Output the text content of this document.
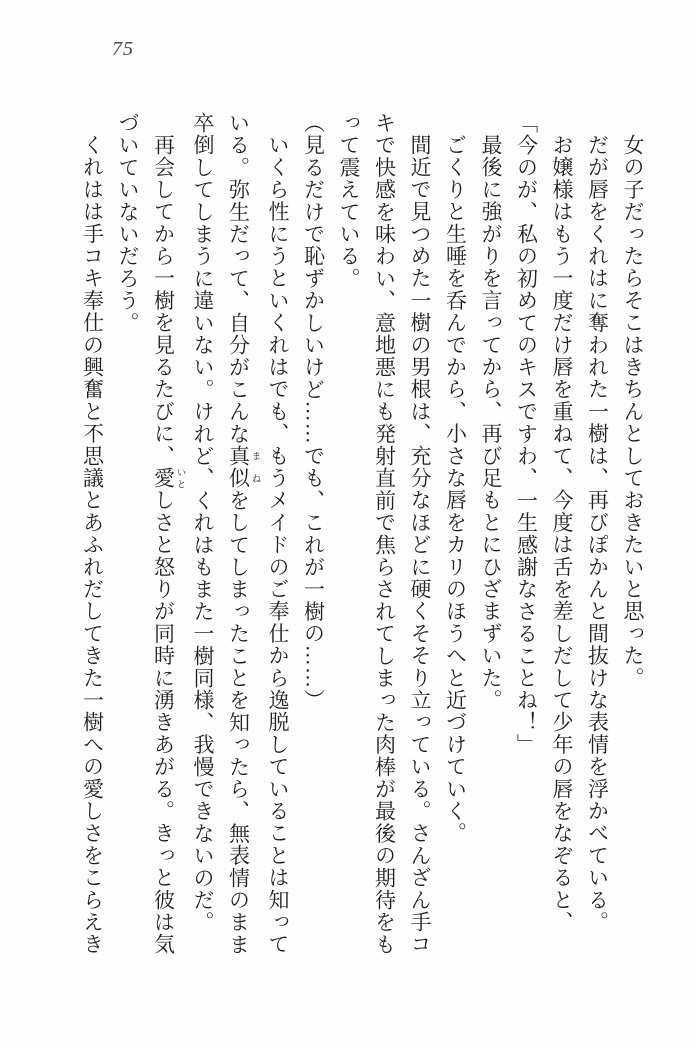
75
女の子だったらそこはきちんとしておきたいと思った。
だが唇をくれはに奪われた一樹は、再びぽかんと間抜けな表情を浮かべている。
お嬢様はもう一度だけ唇を重ねて、今度は舌を差しだして少年の唇をなぞると、
「今のが、私の初めてのキスですわ、一生感謝なさることね！」
最後に強がりを言ってから、再び足もとにひざまずいた。
ごくりと生唾を呑んでから、小さな唇をカリのほうへと近づけていく。
間近で見つめた一樹の男根は、充分なほどに硬くそそり立っている。さんざん手コ
キで快感を味わい、意地悪にも発射直前で焦らされてしまった肉棒が最後の期待をも
って震えている。
（見るだけで恥ずかしいけど……でも、これが一樹の……）
いくら性にうといくれはでも、もうメイドのご奉仕から逸脱していることは知って
いる。弥生だって、自分がこんな真似 まねをしてしまったことを知ったら、無表情のまま
卒倒してしまうに違いない。けれど、くれはもまた一樹同様、我慢できないのだ。
再会してから一樹を見るたびに、愛 いとしさと怒りが同時に湧きあがる。きっと彼は気
づいていないだろう。
くれはは手コキ奉仕の興奮と不思議とあふれだしてきた一樹への愛しさをこらえき
